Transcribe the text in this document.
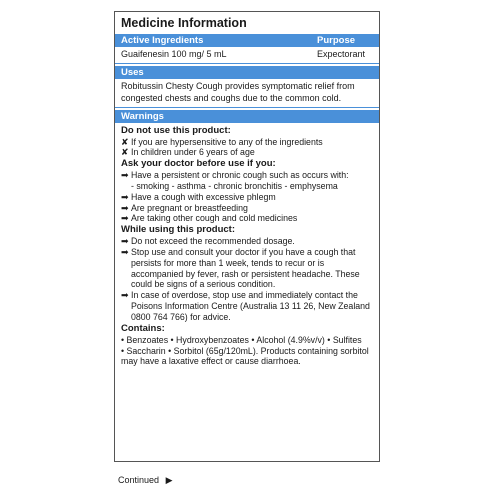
Medicine Information
Active Ingredients	Purpose
Guaifenesin 100 mg/ 5 mL	Expectorant
Uses
Robitussin Chesty Cough provides symptomatic relief from congested chests and coughs due to the common cold.
Warnings
Do not use this product:
✘ If you are hypersensitive to any of the ingredients
✘ In children under 6 years of age
Ask your doctor before use if you:
➡ Have a persistent or chronic cough such as occurs with:
- smoking - asthma - chronic bronchitis - emphysema
➡ Have a cough with excessive phlegm
➡ Are pregnant or breastfeeding
➡ Are taking other cough and cold medicines
While using this product:
➡ Do not exceed the recommended dosage.
➡ Stop use and consult your doctor if you have a cough that persists for more than 1 week, tends to recur or is accompanied by fever, rash or persistent headache. These could be signs of a serious condition.
➡ In case of overdose, stop use and immediately contact the Poisons Information Centre (Australia 13 11 26, New Zealand 0800 764 766) for advice.
Contains:
• Benzoates • Hydroxybenzoates • Alcohol (4.9%v/v) • Sulfites
• Saccharin • Sorbitol (65g/120mL). Products containing sorbitol may have a laxative effect or cause diarrhoea.
Continued ▶
